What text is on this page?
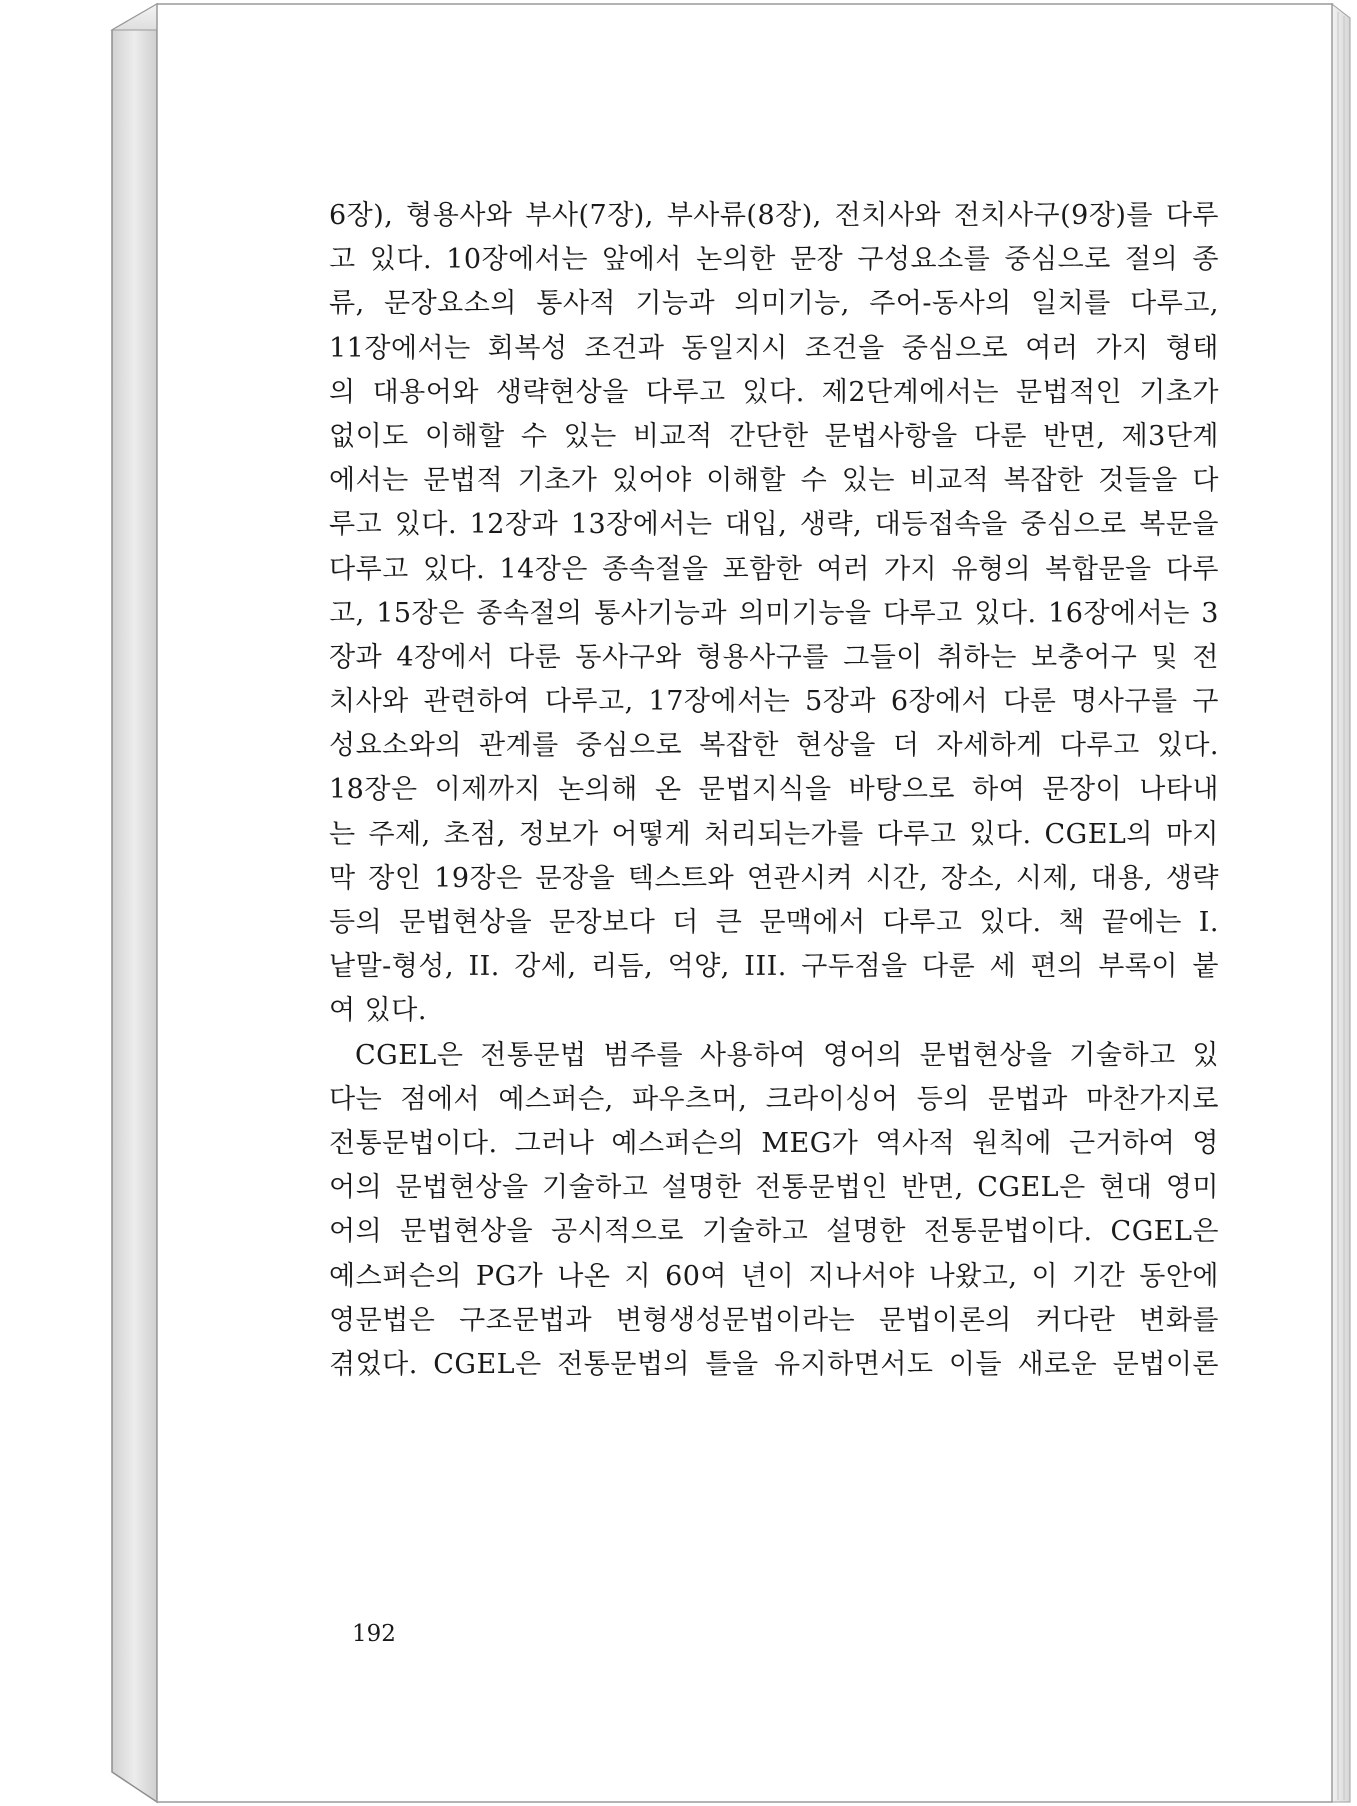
6장), 형용사와 부사(7장), 부사류(8장), 전치사와 전치사구(9장)를 다루
고 있다. 10장에서는 앞에서 논의한 문장 구성요소를 중심으로 절의 종
류, 문장요소의 통사적 기능과 의미기능, 주어-동사의 일치를 다루고,
11장에서는 회복성 조건과 동일지시 조건을 중심으로 여러 가지 형태
의 대용어와 생략현상을 다루고 있다. 제2단계에서는 문법적인 기초가
없이도 이해할 수 있는 비교적 간단한 문법사항을 다룬 반면, 제3단계
에서는 문법적 기초가 있어야 이해할 수 있는 비교적 복잡한 것들을 다
루고 있다. 12장과 13장에서는 대입, 생략, 대등접속을 중심으로 복문을
다루고 있다. 14장은 종속절을 포함한 여러 가지 유형의 복합문을 다루
고, 15장은 종속절의 통사기능과 의미기능을 다루고 있다. 16장에서는 3
장과 4장에서 다룬 동사구와 형용사구를 그들이 취하는 보충어구 및 전
치사와 관련하여 다루고, 17장에서는 5장과 6장에서 다룬 명사구를 구
성요소와의 관계를 중심으로 복잡한 현상을 더 자세하게 다루고 있다.
18장은 이제까지 논의해 온 문법지식을 바탕으로 하여 문장이 나타내
는 주제, 초점, 정보가 어떻게 처리되는가를 다루고 있다. CGEL의 마지
막 장인 19장은 문장을 텍스트와 연관시켜 시간, 장소, 시제, 대용, 생략
등의 문법현상을 문장보다 더 큰 문맥에서 다루고 있다. 책 끝에는 I.
낱말-형성, II. 강세, 리듬, 억양, III. 구두점을 다룬 세 편의 부록이 붙
여 있다.
CGEL은 전통문법 범주를 사용하여 영어의 문법현상을 기술하고 있
다는 점에서 예스퍼슨, 파우츠머, 크라이싱어 등의 문법과 마찬가지로
전통문법이다. 그러나 예스퍼슨의 MEG가 역사적 원칙에 근거하여 영
어의 문법현상을 기술하고 설명한 전통문법인 반면, CGEL은 현대 영미
어의 문법현상을 공시적으로 기술하고 설명한 전통문법이다. CGEL은
예스퍼슨의 PG가 나온 지 60여 년이 지나서야 나왔고, 이 기간 동안에
영문법은 구조문법과 변형생성문법이라는 문법이론의 커다란 변화를
겪었다. CGEL은 전통문법의 틀을 유지하면서도 이들 새로운 문법이론
192
